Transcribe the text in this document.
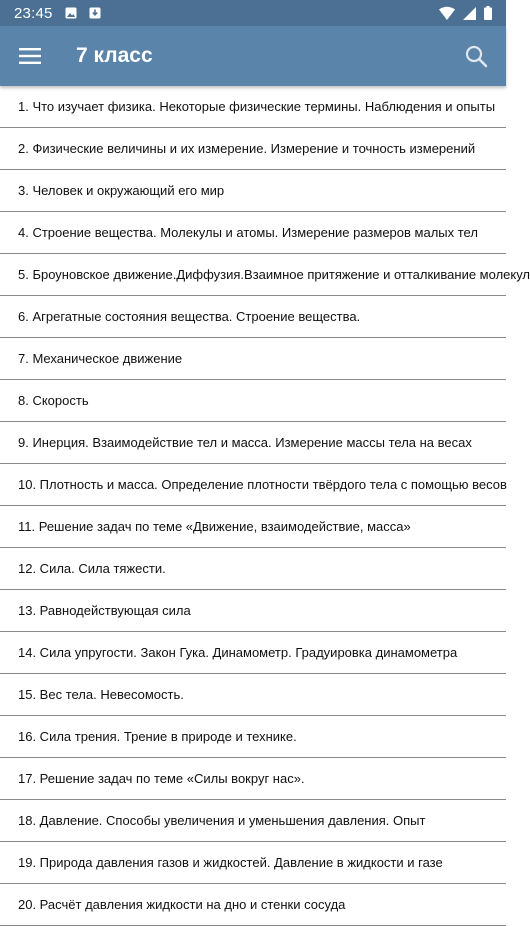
23:45
7 класс
1. Что изучает физика. Некоторые физические термины. Наблюдения и опыты
2. Физические величины и их измерение. Измерение и точность измерений
3. Человек и окружающий его мир
4. Строение вещества. Молекулы и атомы. Измерение размеров малых тел
5. Броуновское движение.Диффузия.Взаимное притяжение и отталкивание молекул
6. Агрегатные состояния вещества. Строение вещества.
7. Механическое движение
8. Скорость
9. Инерция. Взаимодействие тел и масса. Измерение массы тела на весах
10. Плотность и масса. Определение плотности твёрдого тела с помощью весов
11. Решение задач по теме «Движение, взаимодействие, масса»
12. Сила. Сила тяжести.
13. Равнодействующая сила
14. Сила упругости. Закон Гука. Динамометр. Градуировка динамометра
15. Вес тела. Невесомость.
16. Сила трения. Трение в природе и технике.
17. Решение задач по теме «Силы вокруг нас».
18. Давление. Способы увеличения и уменьшения давления. Опыт
19. Природа давления газов и жидкостей. Давление в жидкости и газе
20. Расчёт давления жидкости на дно и стенки сосуда
